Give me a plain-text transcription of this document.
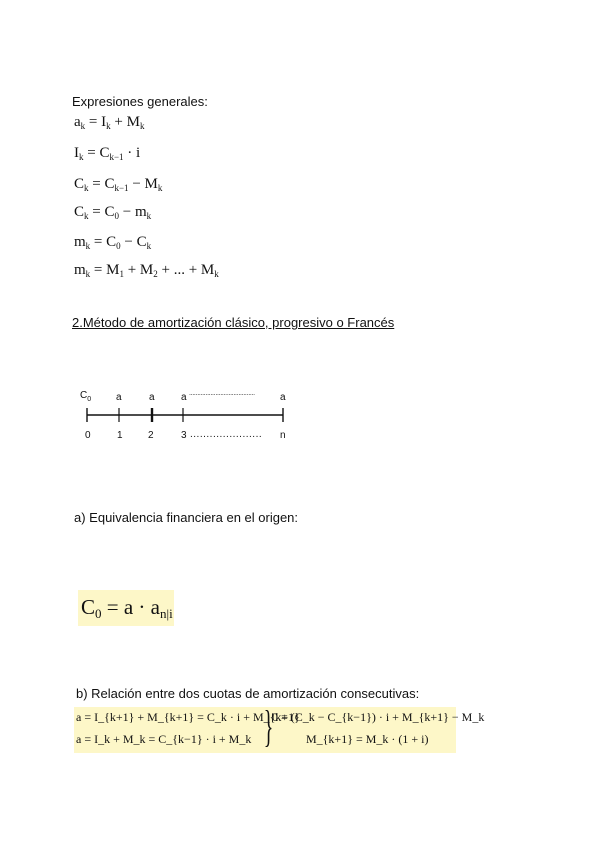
Expresiones generales:
$a_k = I_k + M_k$
$I_k = C_{k-1} \cdot i$
$C_k = C_{k-1} - M_k$
$C_k = C_0 - m_k$
$m_k = C_0 - C_k$
$m_k = M_1 + M_2$ + ... + $M_k$
2.Método de amortización clásico, progresivo o Francés
$C_0$ a	a	a ........................................	a
0	1	2	3 ...................... n
a) Equivalencia financiera en el origen:
$C_0 = a \cdot a_{n|i}$
b) Relación entre dos cuotas de amortización consecutivas:
a = I_{k+1} + M_{k+1} = C_k · i + M_{k+1}
a = I_k + M_k = C_{k−1} · i + M_k }
0 = (C_k − C_{k−1}) · i + M_{k+1} − M_k
M_{k+1} = M_k · (1 + i)
